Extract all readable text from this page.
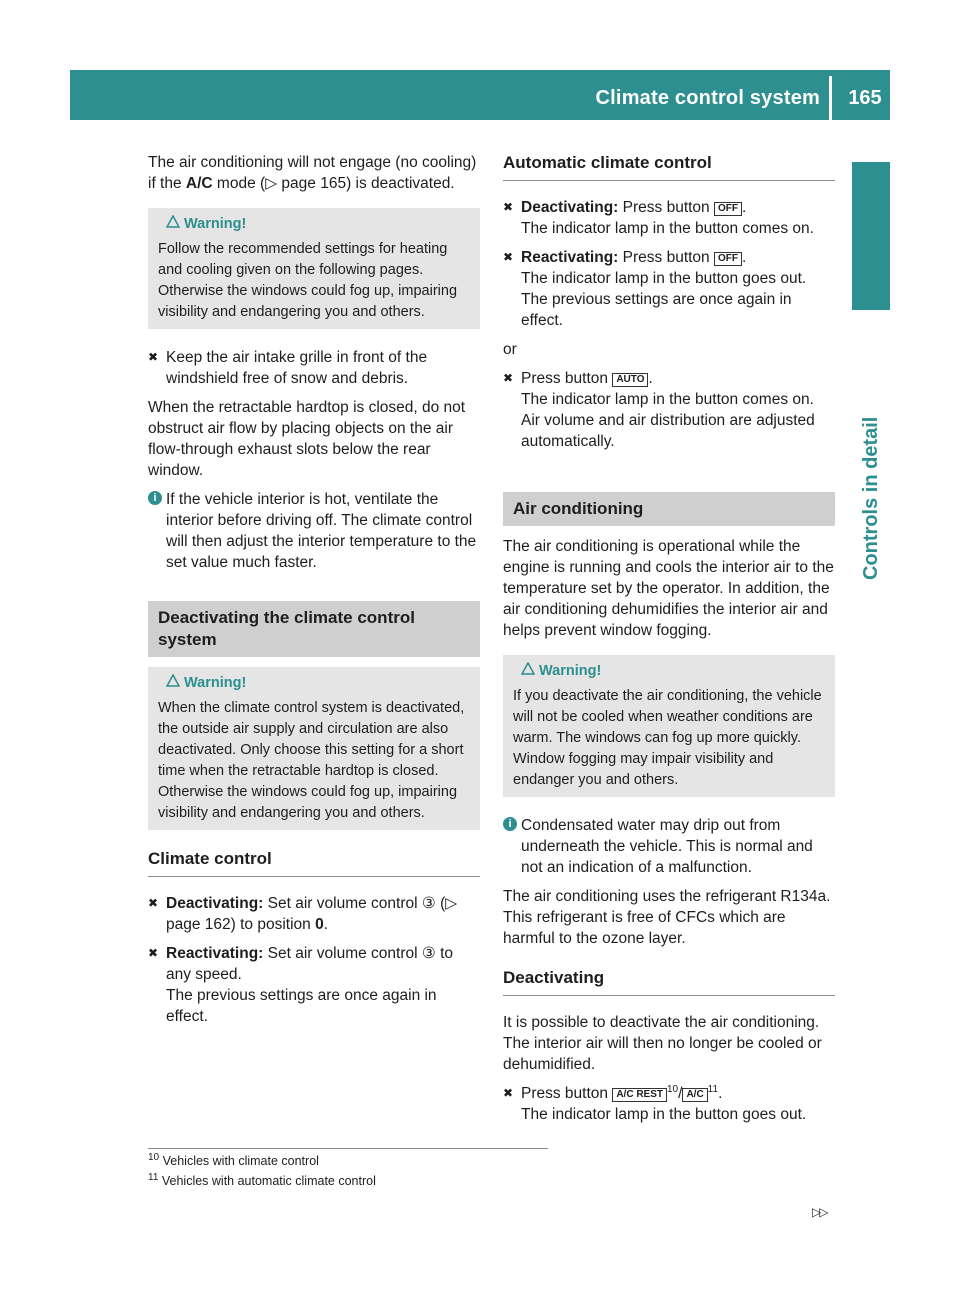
Climate control system	165
Controls in detail

The air conditioning will not engage (no cooling) if the A/C mode (▷ page 165) is deactivated.

Warning!
Follow the recommended settings for heating and cooling given on the following pages. Otherwise the windows could fog up, impairing visibility and endangering you and others.
✖ Keep the air intake grille in front of the windshield free of snow and debris.

When the retractable hardtop is closed, do not obstruct air flow by placing objects on the air flow-through exhaust slots below the rear window.

i If the vehicle interior is hot, ventilate the interior before driving off. The climate control will then adjust the interior temperature to the set value much faster.
Deactivating the climate control system
Warning!
When the climate control system is deactivated, the outside air supply and circulation are also deactivated. Only choose this setting for a short time when the retractable hardtop is closed. Otherwise the windows could fog up, impairing visibility and endangering you and others.
Climate control
✖ Deactivating: Set air volume control ③ (▷ page 162) to position 0.
✖ Reactivating: Set air volume control ③ to any speed.
The previous settings are once again in effect.
Automatic climate control
✖ Deactivating: Press button OFF .
The indicator lamp in the button comes on.
✖ Reactivating: Press button OFF .
The indicator lamp in the button goes out. The previous settings are once again in effect.

or

✖ Press button AUTO .
The indicator lamp in the button comes on. Air volume and air distribution are adjusted automatically.
Air conditioning

The air conditioning is operational while the engine is running and cools the interior air to the temperature set by the operator. In addition, the air conditioning dehumidifies the interior air and helps prevent window fogging.

Warning!
If you deactivate the air conditioning, the vehicle will not be cooled when weather conditions are warm. The windows can fog up more quickly. Window fogging may impair visibility and endanger you and others.
i Condensated water may drip out from underneath the vehicle. This is normal and not an indication of a malfunction.

The air conditioning uses the refrigerant R134a. This refrigerant is free of CFCs which are harmful to the ozone layer.

Deactivating

It is possible to deactivate the air conditioning. The interior air will then no longer be cooled or dehumidified.

✖ Press button A/C REST $^{10}$/ A/C $^{11}$.
The indicator lamp in the button goes out.
$^{10}$ Vehicles with climate control
$^{11}$ Vehicles with automatic climate control
▷▷
